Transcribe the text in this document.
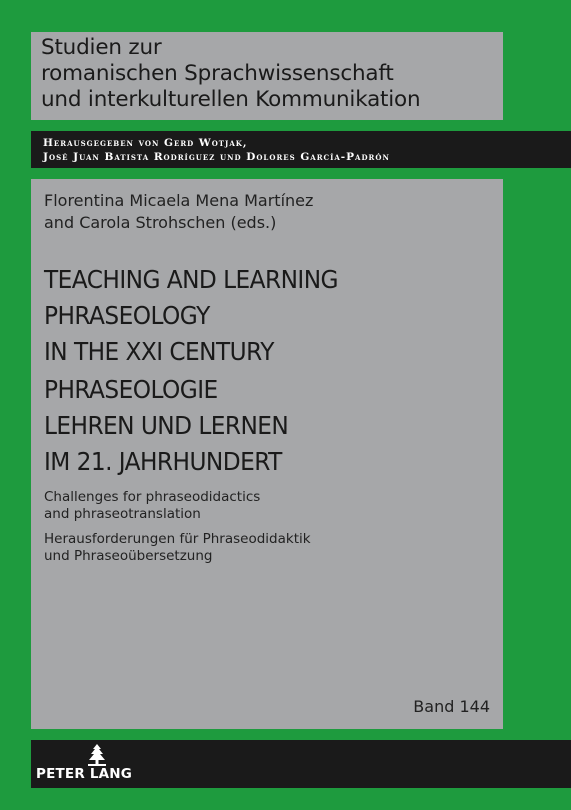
Studien zur
romanischen Sprachwissenschaft
und interkulturellen Kommunikation
Herausgegeben von Gerd Wotjak,
José Juan Batista Rodríguez und Dolores García-Padrón
Florentina Micaela Mena Martínez
and Carola Strohschen (eds.)
TEACHING AND LEARNING
PHRASEOLOGY
IN THE XXI CENTURY
PHRASEOLOGIE
LEHREN UND LERNEN
IM 21. JAHRHUNDERT
Challenges for phraseodidactics
and phraseotranslation
Herausforderungen für Phraseodidaktik
und Phraseoübersetzung
Band 144
PETER LANG
